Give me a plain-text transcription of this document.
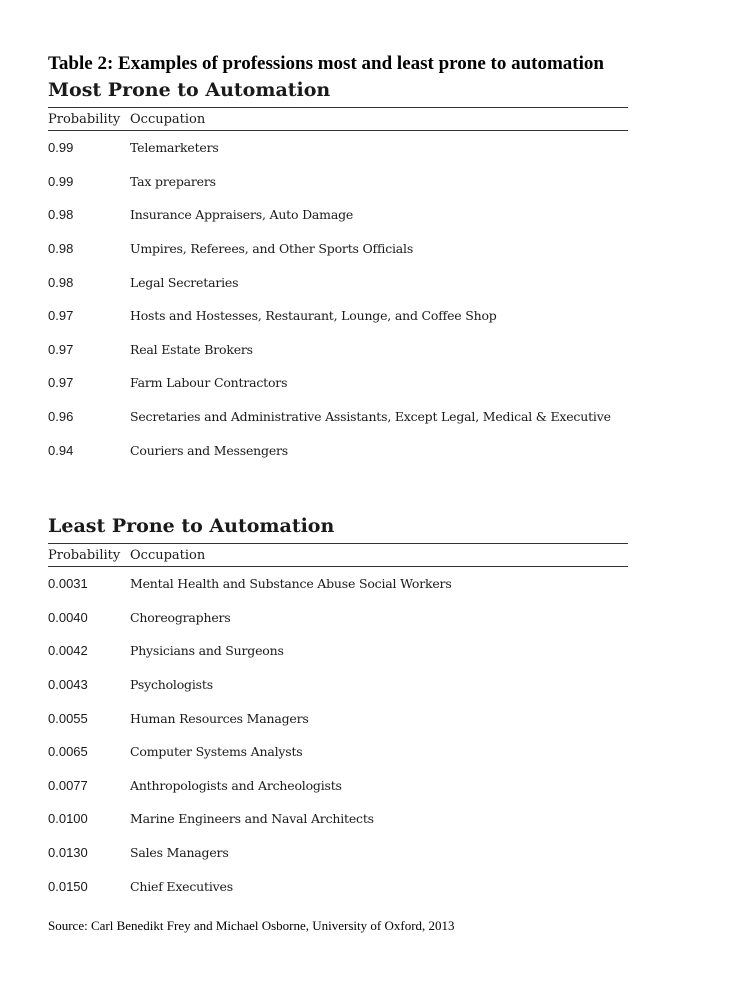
Table 2: Examples of professions most and least prone to automation
Most Prone to Automation
Probability Occupation
0.99	Telemarketers
0.99	Tax preparers
0.98	Insurance Appraisers, Auto Damage
0.98	Umpires, Referees, and Other Sports Officials
0.98	Legal Secretaries
0.97	Hosts and Hostesses, Restaurant, Lounge, and Coffee Shop
0.97	Real Estate Brokers
0.97	Farm Labour Contractors
0.96	Secretaries and Administrative Assistants, Except Legal, Medical & Executive
0.94	Couriers and Messengers
Least Prone to Automation
Probability Occupation
0.0031	Mental Health and Substance Abuse Social Workers
0.0040	Choreographers
0.0042	Physicians and Surgeons
0.0043	Psychologists
0.0055	Human Resources Managers
0.0065	Computer Systems Analysts
0.0077	Anthropologists and Archeologists
0.0100	Marine Engineers and Naval Architects
0.0130	Sales Managers
0.0150	Chief Executives
Source: Carl Benedikt Frey and Michael Osborne, University of Oxford, 2013
